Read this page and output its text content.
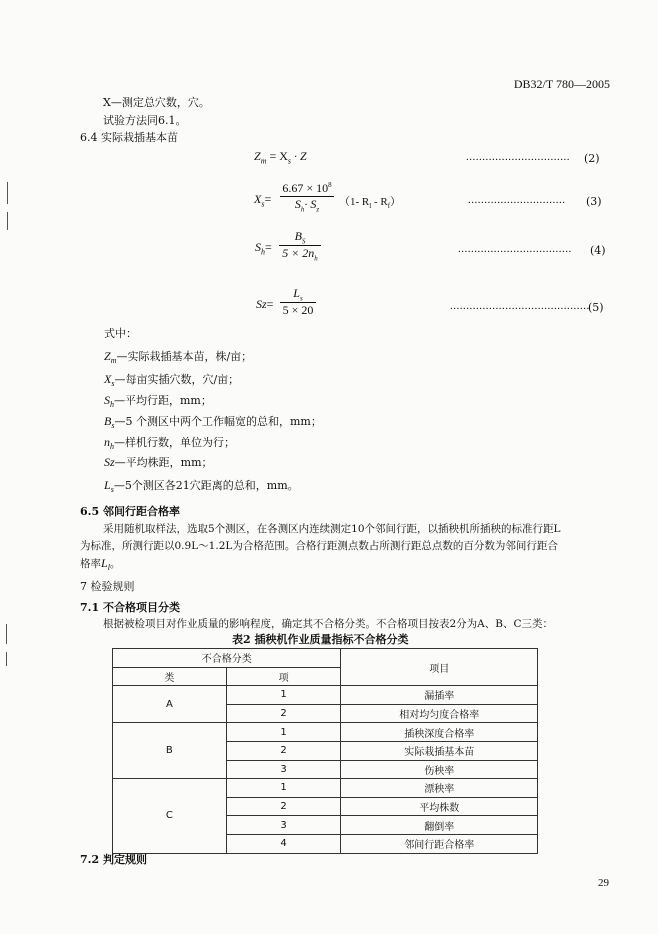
DB32/T 780—2005
X—测定总穴数，穴。
试验方法同6.1。
6.4 实际栽插基本苗
$Z_m = X_s \cdot Z$	................................ (2)
$X_s= \frac{6.67 \times 10^8}{S_h\cdot S_z} (1-$ $R_l - R_f$）	.............................. (3)
$S_h= \frac{B_S}{5 \times 2n_h}$	................................... (4)
$Sz= \frac{L_s}{5 \times 20}$	...........................................
(5)
式中：
$Z_m—$实际栽插基本苗，株/亩；
$X_s—$每亩实插穴数，穴/亩；
$S_h—$平均行距，mm；
$B_s—5$ 个测区中两个工作幅宽的总和，mm；
$n_h—$样机行数，单位为行；
Sz—平均株距，mm；
$L_s—5$个测区各21穴距离的总和，mm。
6.5 邻间行距合格率
采用随机取样法，选取5个测区，在各测区内连续测定10个邻间行距，以插秧机所插秧的标准行距L
为标准，所测行距以0.9L～1.2L为合格范围。合格行距测点数占所测行距总点数的百分数为邻间行距合
格率$L_l$。
7 检验规则
7.1 不合格项目分类
根据被检项目对作业质量的影响程度，确定其不合格分类。不合格项目按表2分为A、B、C三类：
表2 插秧机作业质量指标不合格分类
不合格分类		项目
类	项	
A	1	漏插率
	2	相对均匀度合格率
B	1	插秧深度合格率
	2	实际栽插基本苗
	3	伤秧率
C	1	漂秧率
	2	平均株数
	3	翻倒率
	4	邻间行距合格率
7.2 判定规则
29
